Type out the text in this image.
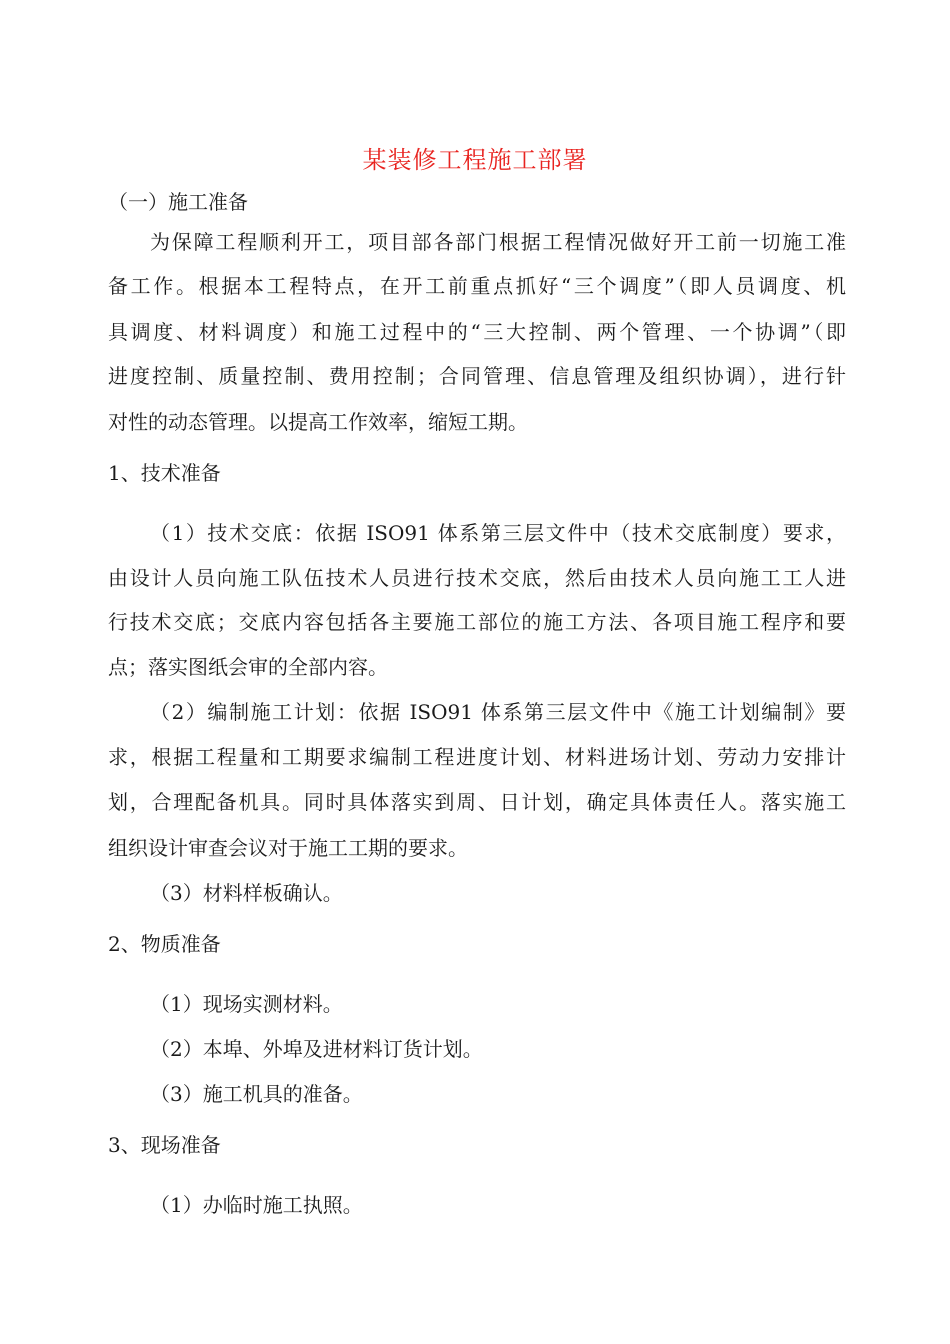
某装修工程施工部署
（一）施工准备
为保障工程顺利开工，项目部各部门根据工程情况做好开工前一切施工准
备工作。根据本工程特点，在开工前重点抓好“三个调度”（即人员调度、机
具调度、材料调度）和施工过程中的“三大控制、两个管理、一个协调”（即
进度控制、质量控制、费用控制；合同管理、信息管理及组织协调），进行针
对性的动态管理。以提高工作效率，缩短工期。
1、技术准备
（1）技术交底：依据 ISO91 体系第三层文件中（技术交底制度）要求，
由设计人员向施工队伍技术人员进行技术交底，然后由技术人员向施工工人进
行技术交底；交底内容包括各主要施工部位的施工方法、各项目施工程序和要
点；落实图纸会审的全部内容。
（2）编制施工计划：依据 ISO91 体系第三层文件中《施工计划编制》要
求，根据工程量和工期要求编制工程进度计划、材料进场计划、劳动力安排计
划，合理配备机具。同时具体落实到周、日计划，确定具体责任人。落实施工
组织设计审查会议对于施工工期的要求。
（3）材料样板确认。
2、物质准备
（1）现场实测材料。
（2）本埠、外埠及进材料订货计划。
（3）施工机具的准备。
3、现场准备
（1）办临时施工执照。
